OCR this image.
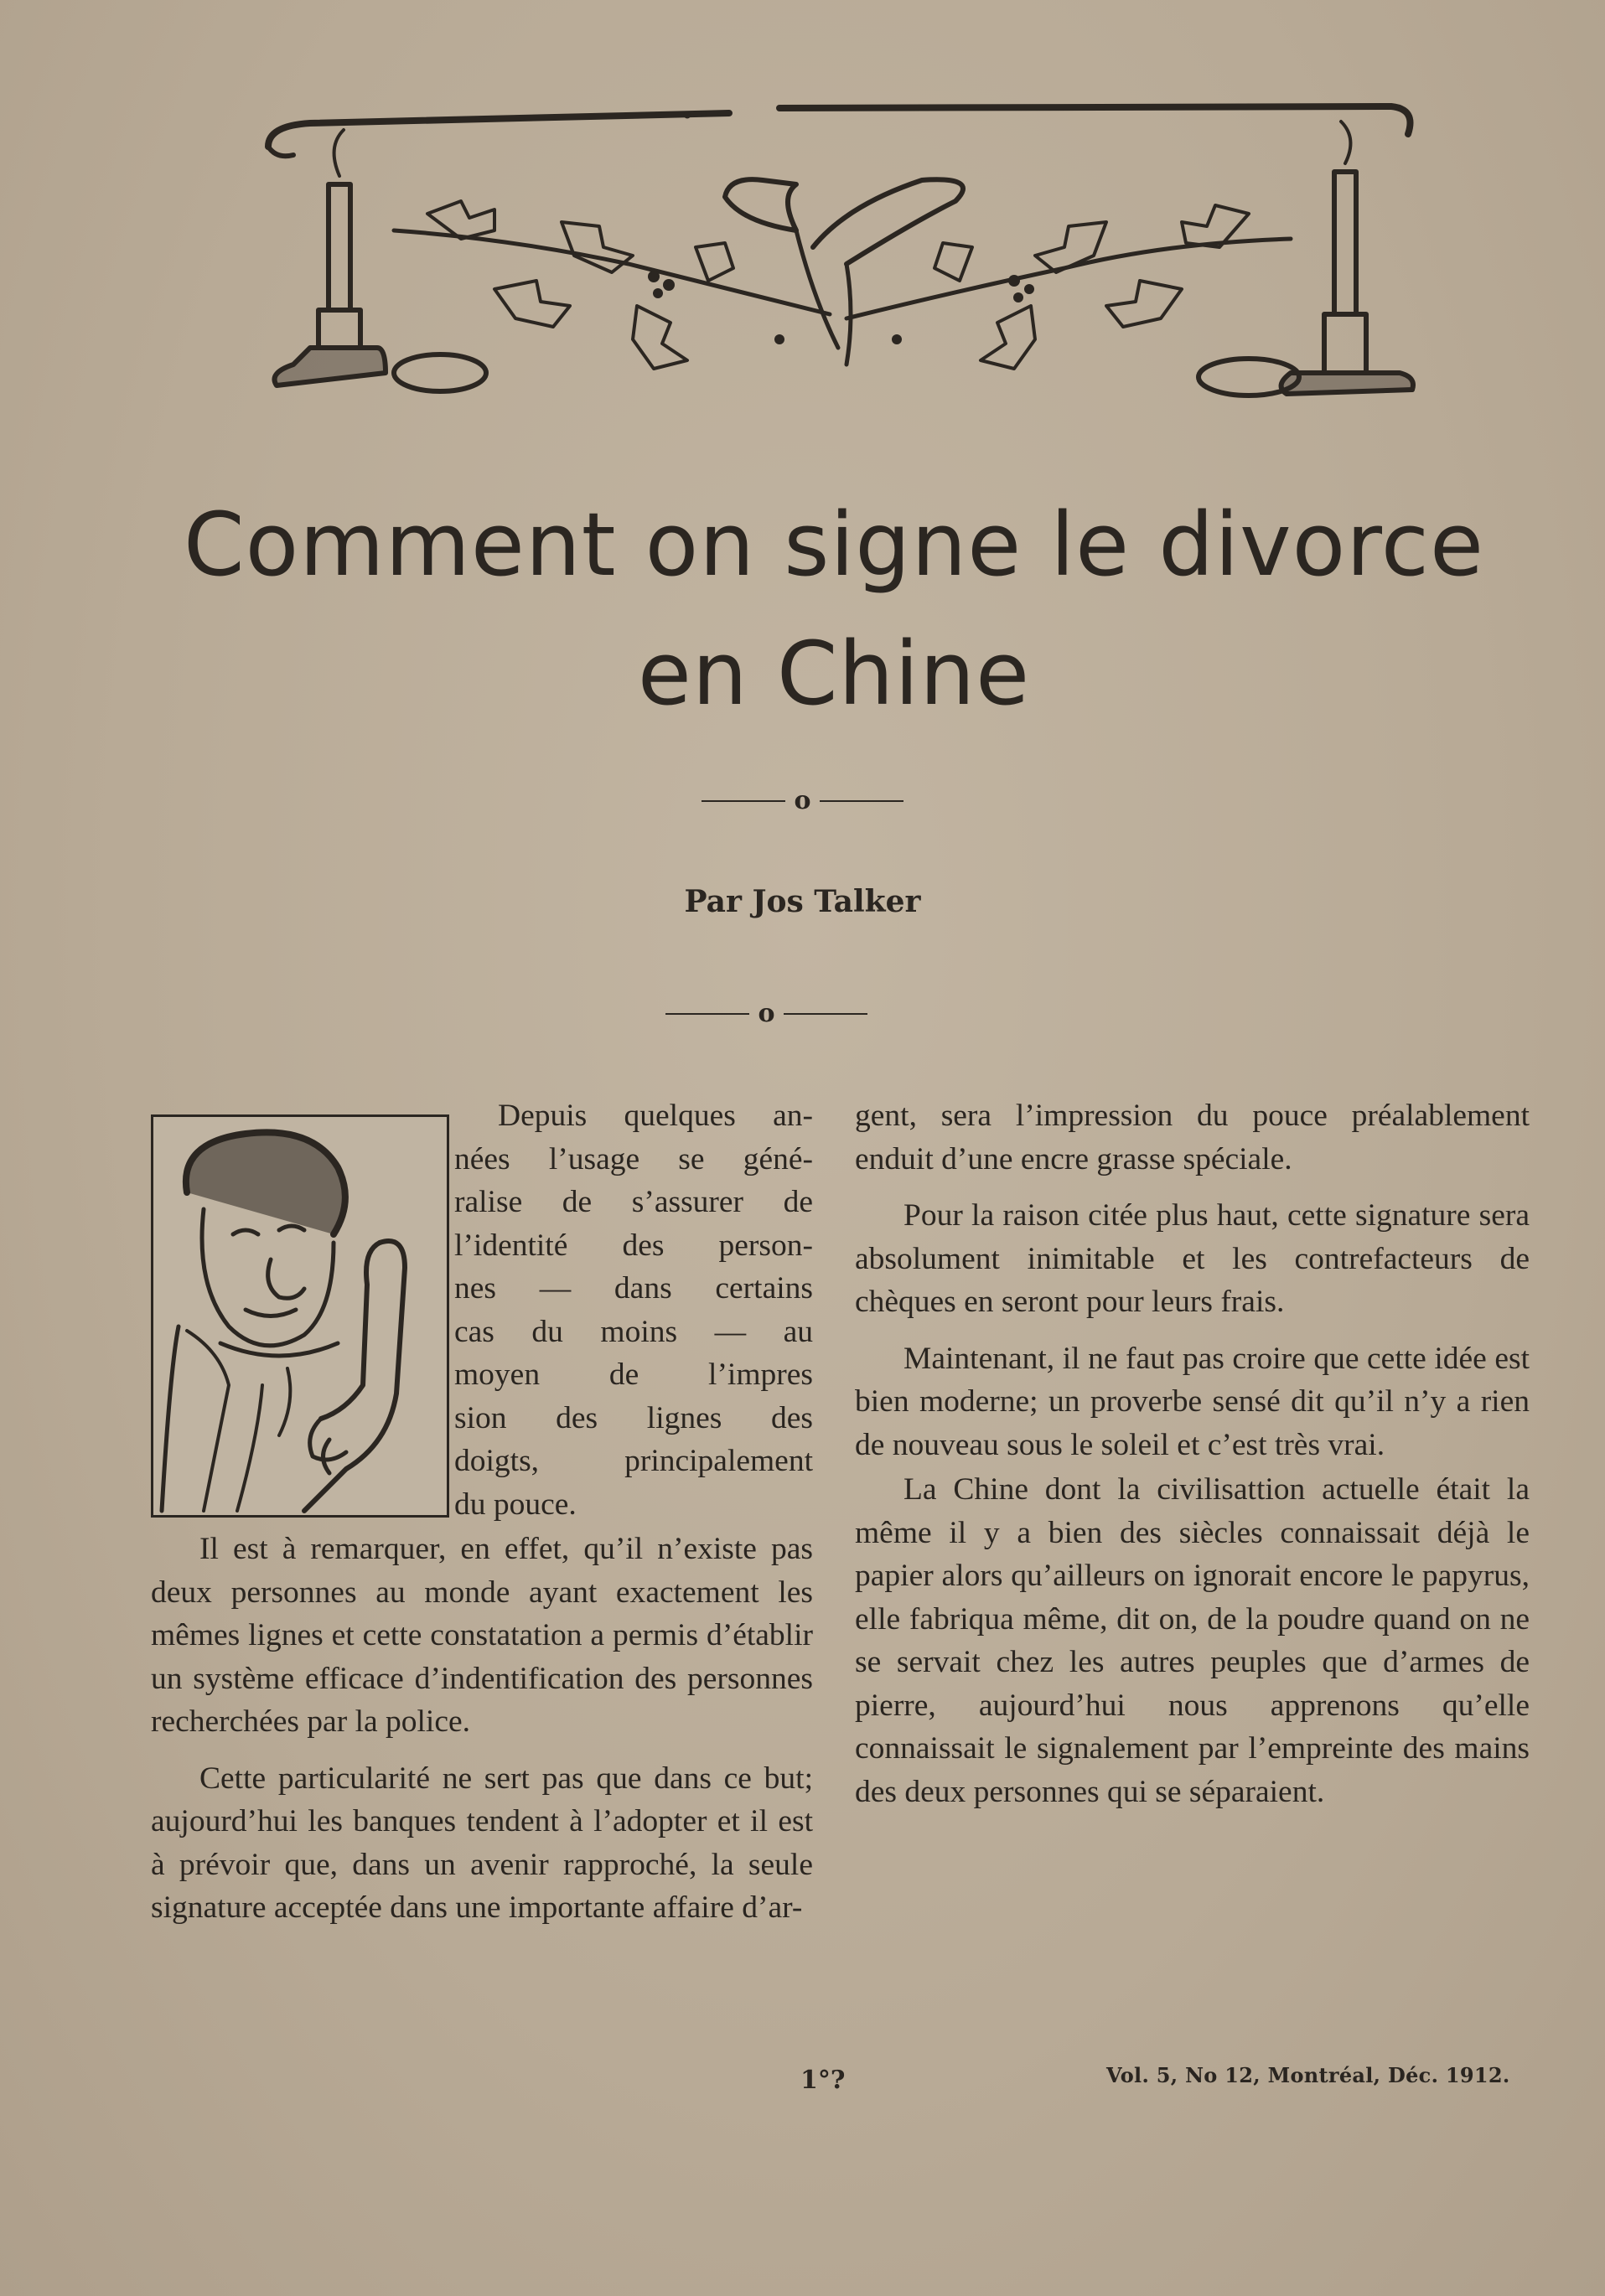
Comment on signe le divorce
en Chine
o
Par Jos Talker
o
Depuis quelques an-
nées l’usage se géné-
ralise de s’assurer de
l’identité des person-
nes — dans certains
cas du moins — au
moyen de l’impres
sion des lignes des
doigts, principalement
du pouce.

Il est à remarquer, en effet, qu’il n’existe pas deux personnes au monde ayant exactement les mêmes lignes et cette constatation a permis d’établir un système efficace d’indentification des personnes recherchées par la police.

Cette particularité ne sert pas que dans ce but; aujourd’hui les banques tendent à l’adopter et il est à prévoir que, dans un avenir rapproché, la seule signature acceptée dans une importante affaire d’ar-

gent, sera l’impression du pouce préalablement enduit d’une encre grasse spéciale.

Pour la raison citée plus haut, cette signature sera absolument inimitable et les contrefacteurs de chèques en seront pour leurs frais.

Maintenant, il ne faut pas croire que cette idée est bien moderne; un proverbe sensé dit qu’il n’y a rien de nouveau sous le soleil et c’est très vrai.

La Chine dont la civilisattion actuelle était la même il y a bien des siècles connaissait déjà le papier alors qu’ailleurs on ignorait encore le papyrus, elle fabriqua même, dit on, de la poudre quand on ne se servait chez les autres peuples que d’armes de pierre, aujourd’hui nous apprenons qu’elle connaissait le signalement par l’empreinte des mains des deux personnes qui se séparaient.

1°?	Vol. 5, No 12, Montréal, Déc. 1912.
